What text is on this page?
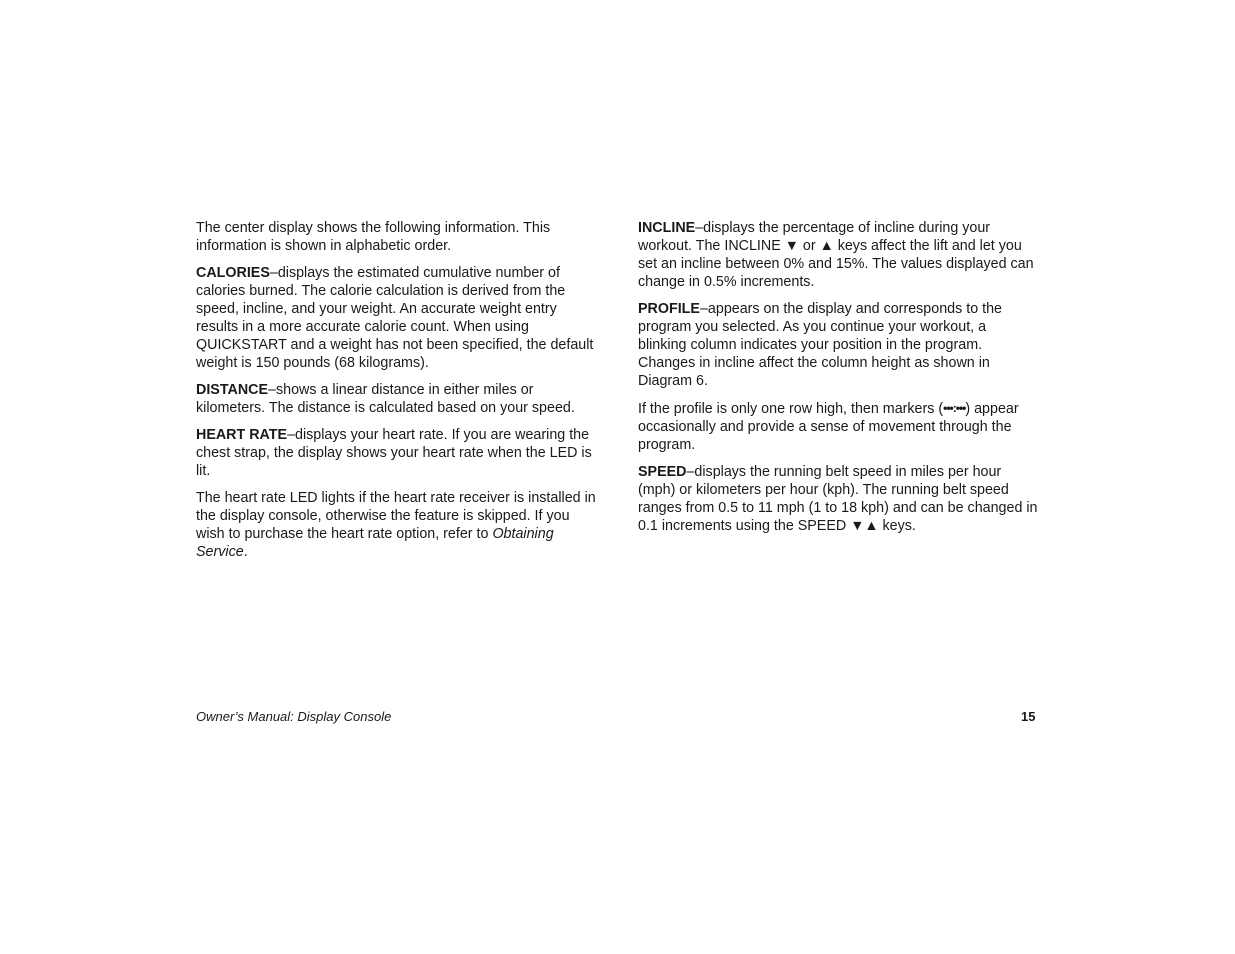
The center display shows the following information. This information is shown in alphabetic order.

CALORIES–displays the estimated cumulative number of calories burned. The calorie calculation is derived from the speed, incline, and your weight. An accurate weight entry results in a more accurate calorie count. When using QUICKSTART and a weight has not been specified, the default weight is 150 pounds (68 kilograms).

DISTANCE–shows a linear distance in either miles or kilometers. The distance is calculated based on your speed.

HEART RATE–displays your heart rate. If you are wearing the chest strap, the display shows your heart rate when the LED is lit.

The heart rate LED lights if the heart rate receiver is installed in the display console, otherwise the feature is skipped. If you wish to purchase the heart rate option, refer to Obtaining Service.

INCLINE–displays the percentage of incline during your workout. The INCLINE ▼ or ▲ keys affect the lift and let you set an incline between 0% and 15%. The values displayed can change in 0.5% increments.

PROFILE–appears on the display and corresponds to the program you selected. As you continue your workout, a blinking column indicates your position in the program. Changes in incline affect the column height as shown in Diagram 6.

If the profile is only one row high, then markers (•••:•••) appear occasionally and provide a sense of movement through the program.

SPEED–displays the running belt speed in miles per hour (mph) or kilometers per hour (kph). The running belt speed ranges from 0.5 to 11 mph (1 to 18 kph) and can be changed in 0.1 increments using the SPEED ▼▲ keys.

Owner’s Manual: Display Console	15
